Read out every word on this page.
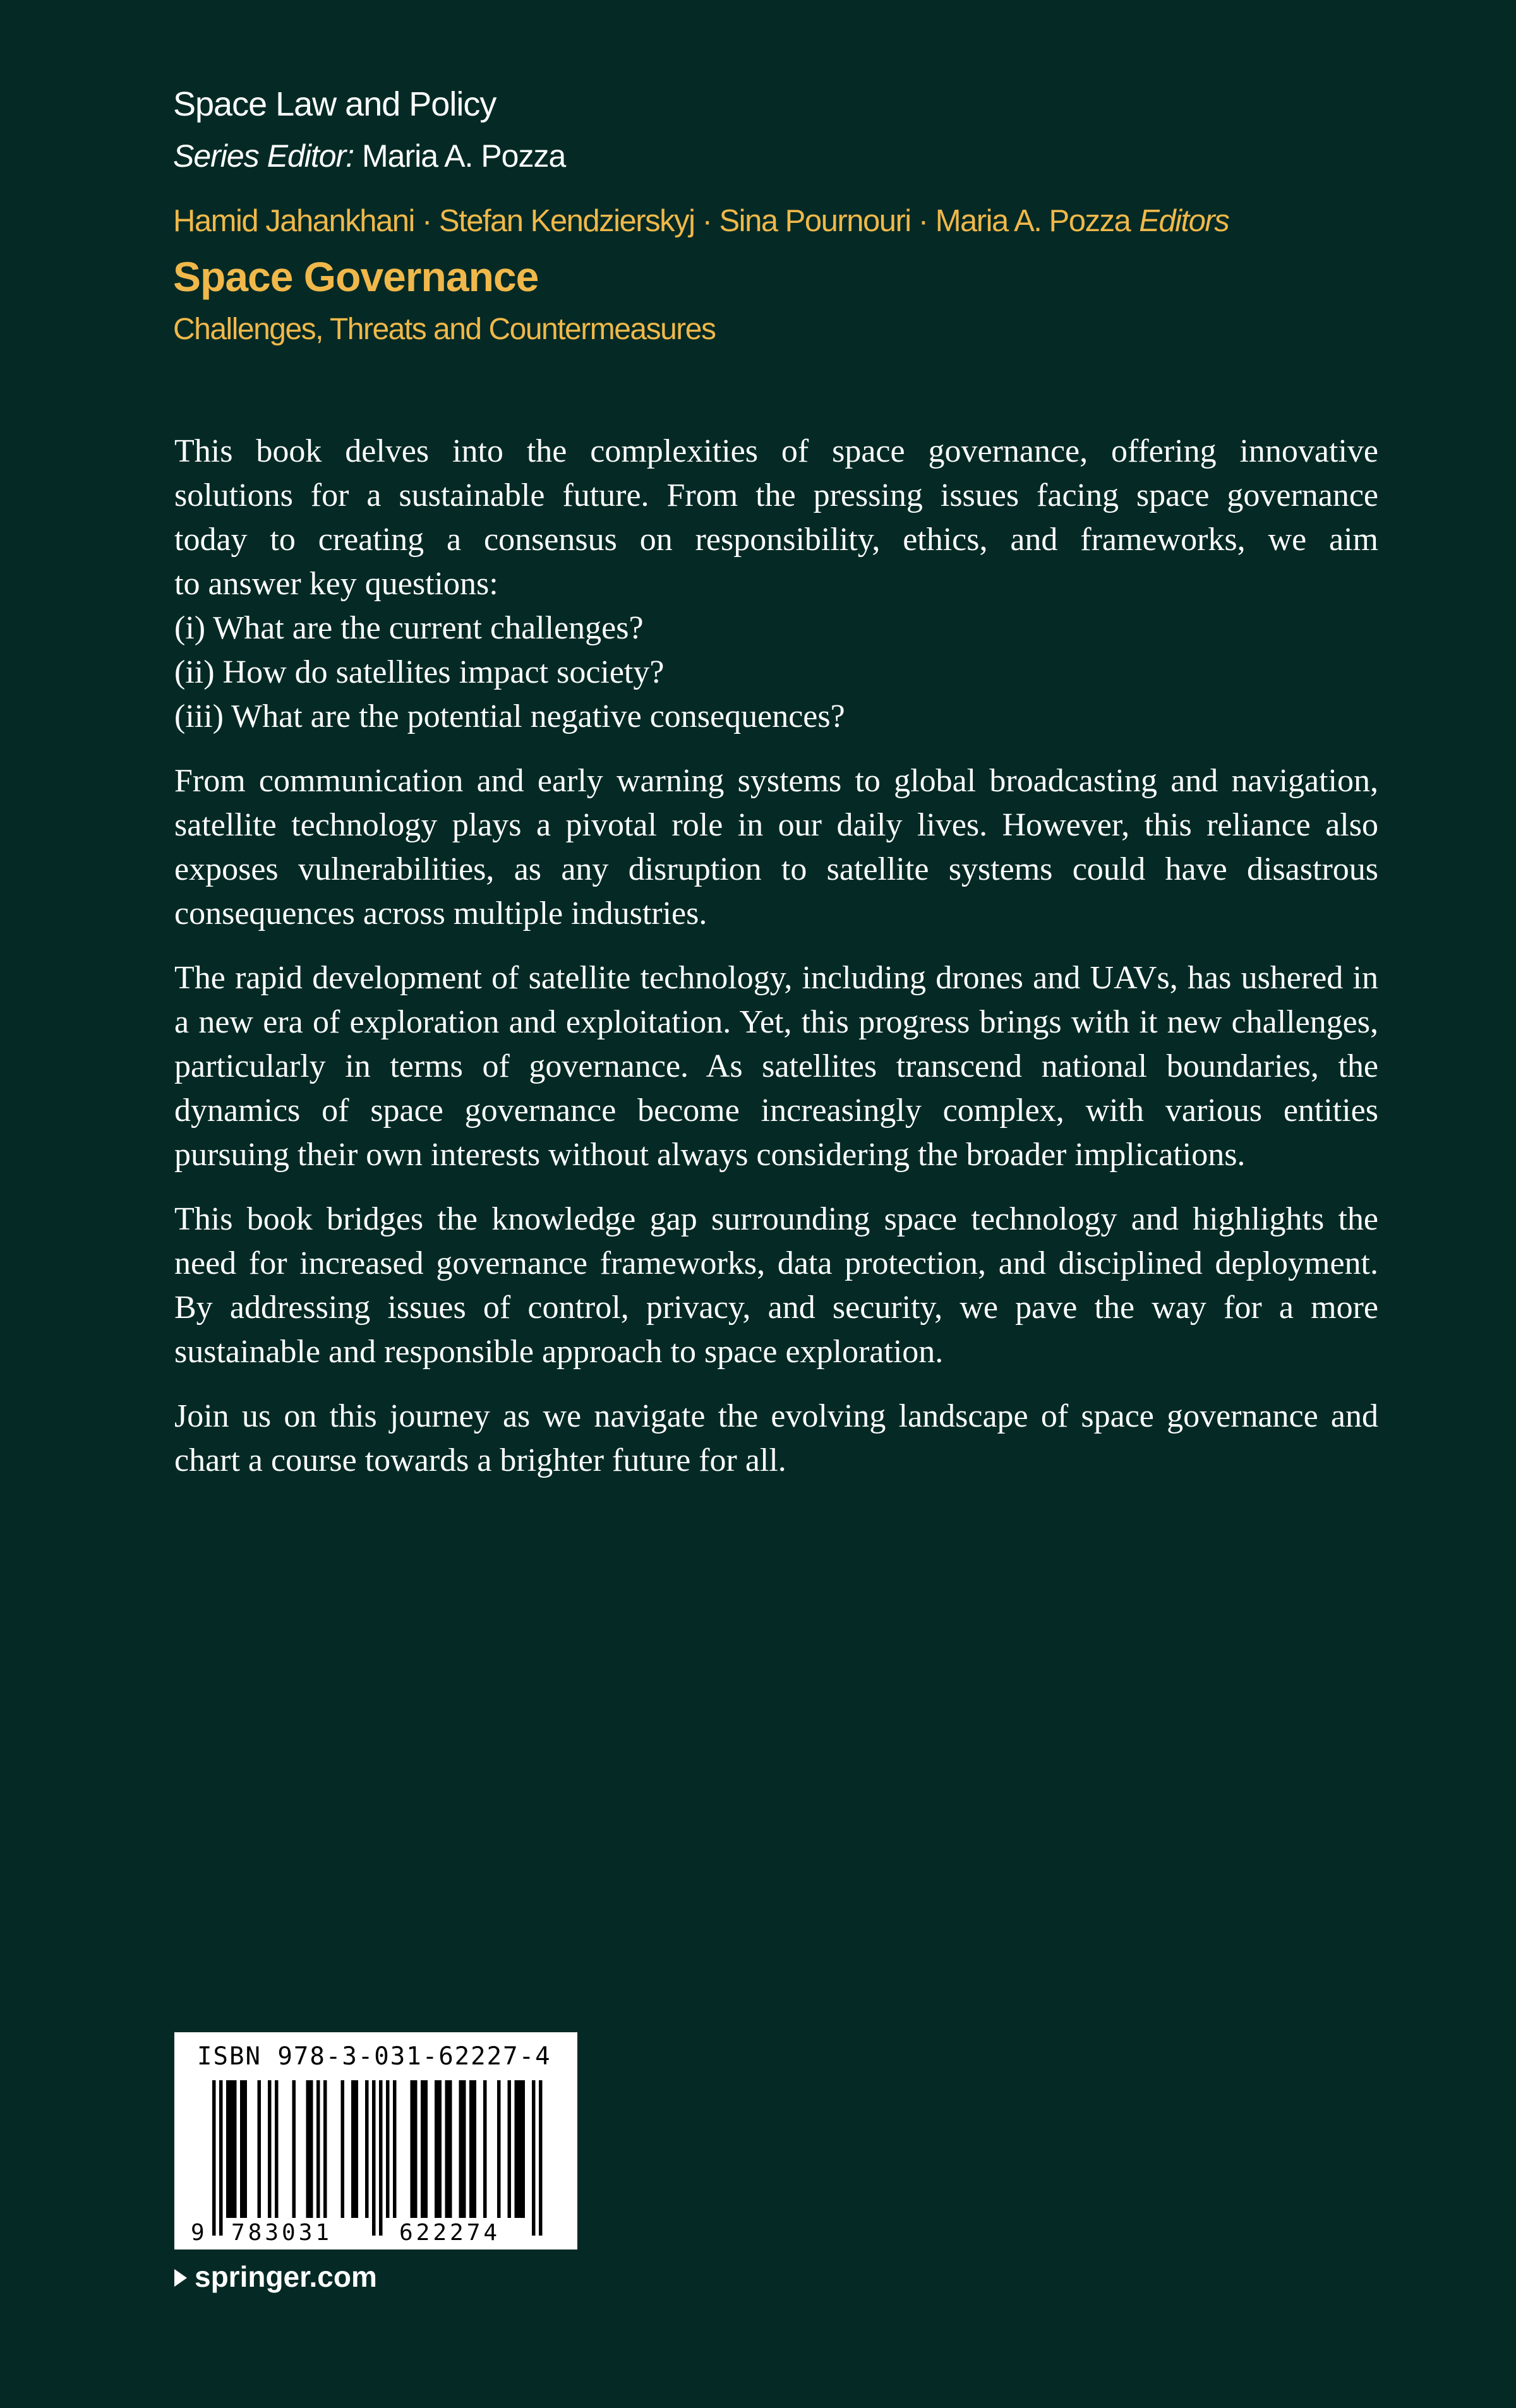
Space Law and Policy
Series Editor: Maria A. Pozza
Hamid Jahankhani · Stefan Kendzierskyj · Sina Pournouri · Maria A. Pozza Editors
Space Governance
Challenges, Threats and Countermeasures

This book delves into the complexities of space governance, offering innovative
solutions for a sustainable future. From the pressing issues facing space governance
today to creating a consensus on responsibility, ethics, and frameworks, we aim
to answer key questions:

(i) What are the current challenges?
(ii) How do satellites impact society?
(iii) What are the potential negative consequences?

From communication and early warning systems to global broadcasting and navigation, satellite technology plays a pivotal role in our daily lives. However, this reliance also exposes vulnerabilities, as any disruption to satellite systems could have disastrous consequences across multiple industries.

The rapid development of satellite technology, including drones and UAVs, has ushered in a new era of exploration and exploitation. Yet, this progress brings with it new challenges, particularly in terms of governance. As satellites transcend national boundaries, the dynamics of space governance become increasingly complex, with various entities pursuing their own interests without always considering the broader implications.

This book bridges the knowledge gap surrounding space technology and highlights the need for increased governance frameworks, data protection, and disciplined deployment. By addressing issues of control, privacy, and security, we pave the way for a more sustainable and responsible approach to space exploration.

Join us on this journey as we navigate the evolving landscape of space governance and chart a course towards a brighter future for all.

ISBN 978-3-031-62227-4
9 783031	622274
springer.com
